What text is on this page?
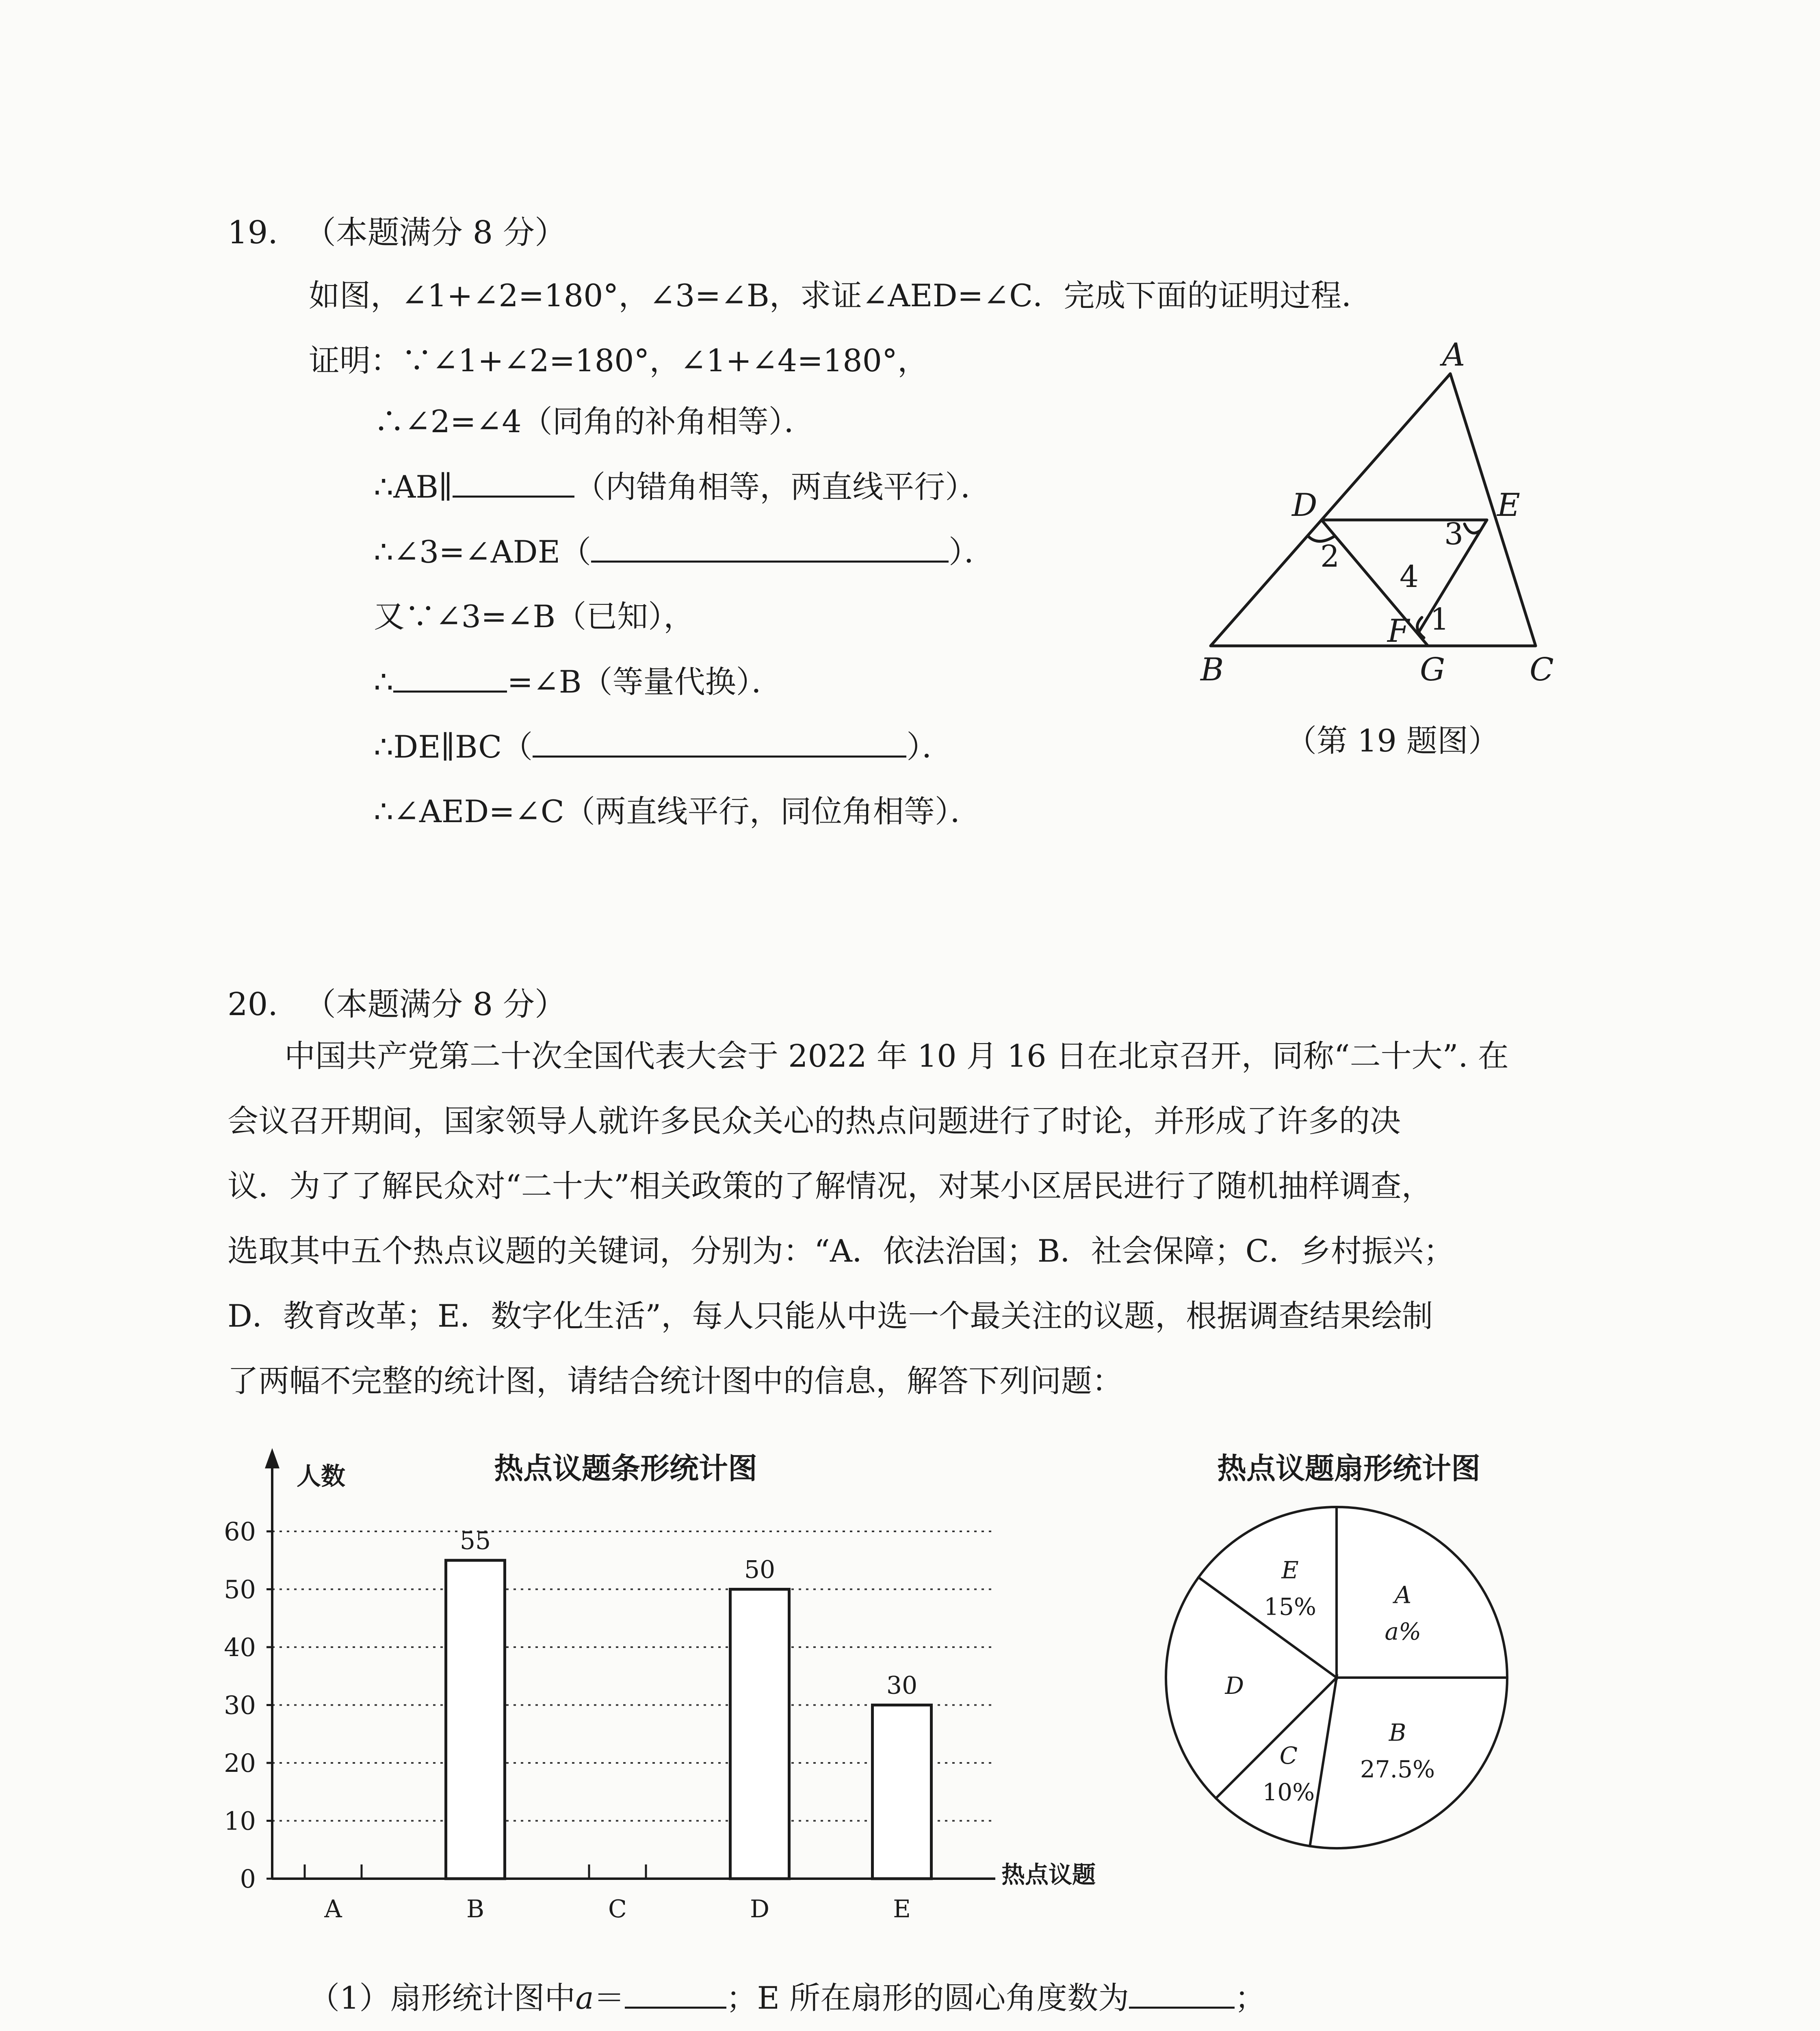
19. （本题满分 8 分）
如图，∠1+∠2=180°，∠3=∠B，求证∠AED=∠C．完成下面的证明过程．
证明：∵∠1+∠2=180°，∠1+∠4=180°，
∴∠2=∠4（同角的补角相等）．
∴AB∥	（内错角相等，两直线平行）．
∴∠3=∠ADE（	）．
又∵∠3=∠B（已知），
∴	=∠B（等量代换）．
∴DE∥BC（	）．
∴∠AED=∠C（两直线平行，同位角相等）．
A
D	E
F
B	G	C
2
3
4
1
（第 19 题图）
20. （本题满分 8 分）
中国共产党第二十次全国代表大会于 2022 年 10 月 16 日在北京召开，同称“二十大”. 在
会议召开期间，国家领导人就许多民众关心的热点问题进行了时论，并形成了许多的决
议．为了了解民众对“二十大”相关政策的了解情况，对某小区居民进行了随机抽样调查，
选取其中五个热点议题的关键词，分别为：“A．依法治国；B．社会保障；C．乡村振兴；
D．教育改革；E．数字化生活”，每人只能从中选一个最关注的议题，根据调查结果绘制
了两幅不完整的统计图，请结合统计图中的信息，解答下列问题：
热点议题条形统计图
人数
热点议题
0
10
20
30
40
50
60
A	B
55
C	D
50
E
30
热点议题扇形统计图
A
a%
B
27.5%
C
10%
D
E
15%
（1）扇形统计图中a＝	；E 所在扇形的圆心角度数为	；
